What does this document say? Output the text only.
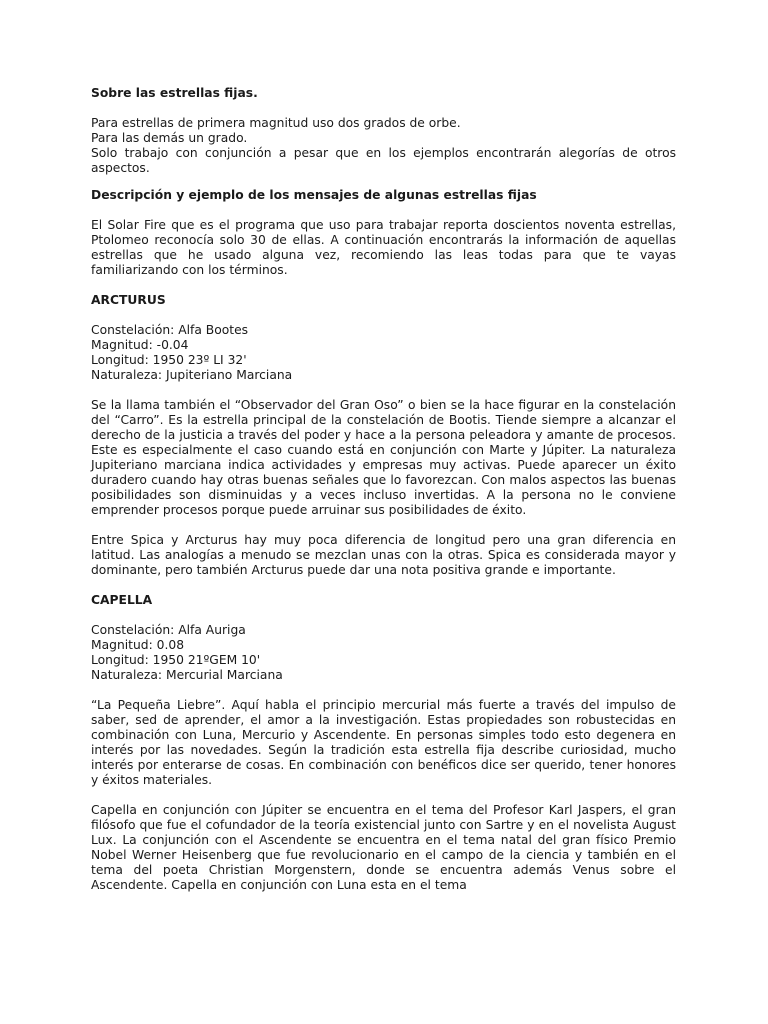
Sobre las estrellas fijas.

Para estrellas de primera magnitud uso dos grados de orbe.
Para las demás un grado.

Solo trabajo con conjunción a pesar que en los ejemplos encontrarán alegorías de otros aspectos.

Descripción y ejemplo de los mensajes de algunas estrellas fijas

El Solar Fire que es el programa que uso para trabajar reporta doscientos noventa estrellas, Ptolomeo reconocía solo 30 de ellas. A continuación encontrarás la información de aquellas estrellas que he usado alguna vez, recomiendo las leas todas para que te vayas familiarizando con los términos.

ARCTURUS

Constelación: Alfa Bootes
Magnitud: -0.04
Longitud: 1950 23º LI 32'
Naturaleza: Jupiteriano Marciana

Se la llama también el “Observador del Gran Oso” o bien se la hace figurar en la constelación del “Carro”. Es la estrella principal de la constelación de Bootis. Tiende siempre a alcanzar el derecho de la justicia a través del poder y hace a la persona peleadora y amante de procesos. Este es especialmente el caso cuando está en conjunción con Marte y Júpiter. La naturaleza Jupiteriano marciana indica actividades y empresas muy activas. Puede aparecer un éxito duradero cuando hay otras buenas señales que lo favorezcan. Con malos aspectos las buenas posibilidades son disminuidas y a veces incluso invertidas. A la persona no le conviene emprender procesos porque puede arruinar sus posibilidades de éxito.

Entre Spica y Arcturus hay muy poca diferencia de longitud pero una gran diferencia en latitud. Las analogías a menudo se mezclan unas con la otras. Spica es considerada mayor y dominante, pero también Arcturus puede dar una nota positiva grande e importante.

CAPELLA

Constelación: Alfa Auriga
Magnitud: 0.08
Longitud: 1950 21ºGEM 10'
Naturaleza: Mercurial Marciana

“La Pequeña Liebre”. Aquí habla el principio mercurial más fuerte a través del impulso de saber, sed de aprender, el amor a la investigación. Estas propiedades son robustecidas en combinación con Luna, Mercurio y Ascendente. En personas simples todo esto degenera en interés por las novedades. Según la tradición esta estrella fija describe curiosidad, mucho interés por enterarse de cosas. En combinación con benéficos dice ser querido, tener honores y éxitos materiales.

Capella en conjunción con Júpiter se encuentra en el tema del Profesor Karl Jaspers, el gran filósofo que fue el cofundador de la teoría existencial junto con Sartre y en el novelista August Lux. La conjunción con el Ascendente se encuentra en el tema natal del gran físico Premio Nobel Werner Heisenberg que fue revolucionario en el campo de la ciencia y también en el tema del poeta Christian Morgenstern, donde se encuentra además Venus sobre el Ascendente. Capella en conjunción con Luna esta en el tema
